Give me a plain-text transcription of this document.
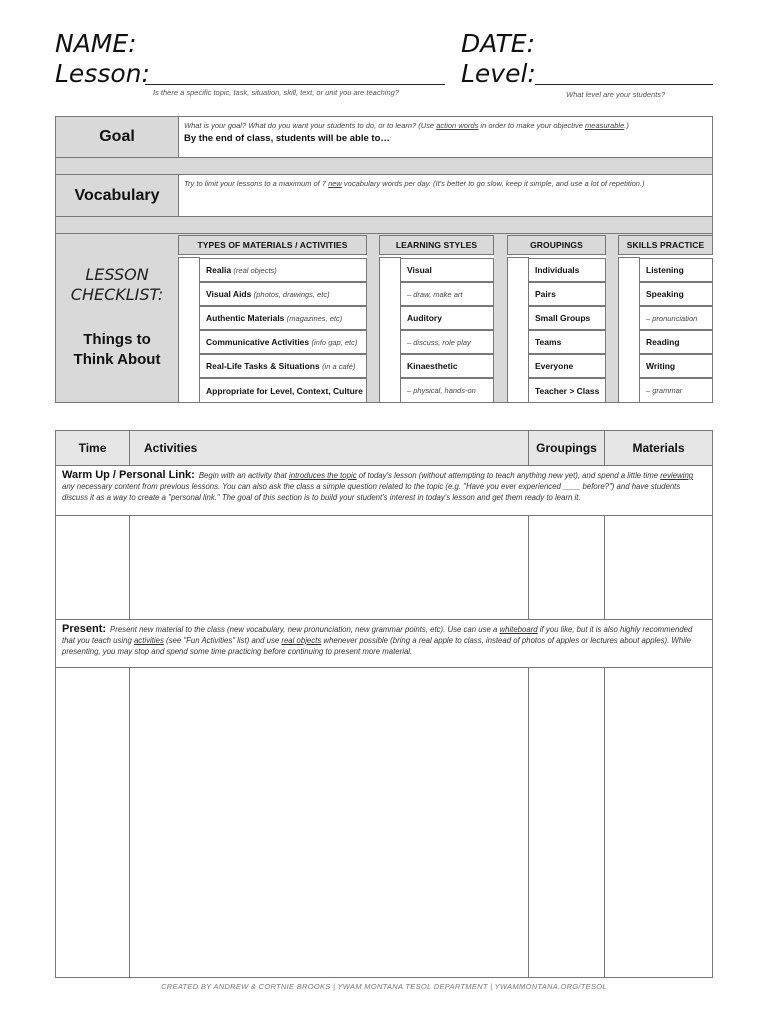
NAME:	DATE:
Lesson:	Level:
Is there a specific topic, task, situation, skill, text, or unit you are teaching?	What level are your students?
Goal
What is your goal? What do you want your students to do, or to learn? (Use action words in order to make your objective measurable.)
By the end of class, students will be able to…
Vocabulary
Try to limit your lessons to a maximum of 7 new vocabulary words per day. (It's better to go slow, keep it simple, and use a lot of repetition.)
LESSON
CHECKLIST:
Things to
Think About
TYPES OF MATERIALS / ACTIVITIES	LEARNING STYLES	GROUPINGS	SKILLS PRACTICE
Realia
(real objects)
Visual Aids
(photos, drawings, etc)
Authentic Materials
(magazines, etc)
Communicative Activities
(info gap, etc)
Real-Life Tasks & Situations
(in a café)
Appropriate for Level, Context, Culture
Visual
– draw, make art
Auditory
– discuss, role play
Kinaesthetic
– physical, hands-on
Individuals
Pairs
Small Groups
Teams
Everyone
Teacher > Class
Listening
Speaking
– pronunciation
Reading
Writing
– grammar
Time	Activities	Groupings	Materials
Warm Up / Personal Link: Begin with an activity that introduces the topic of today's lesson (without attempting to teach anything new yet), and spend a little time reviewing any necessary content from previous lessons. You can also ask the class a simple question related to the topic (e.g. "Have you ever experienced ____ before?") and have students discuss it as a way to create a "personal link." The goal of this section is to build your student's interest in today's lesson and get them ready to learn it.
Present: Present new material to the class (new vocabulary, new pronunciation, new grammar points, etc). Use can use a whiteboard if you like, but it is also highly recommended that you teach using activities (see "Fun Activities" list) and use real objects whenever possible (bring a real apple to class, instead of photos of apples or lectures about apples). While presenting, you may stop and spend some time practicing before continuing to present more material.
CREATED BY ANDREW & CORTNIE BROOKS | YWAM MONTANA TESOL DEPARTMENT | YWAMMONTANA.ORG/TESOL
